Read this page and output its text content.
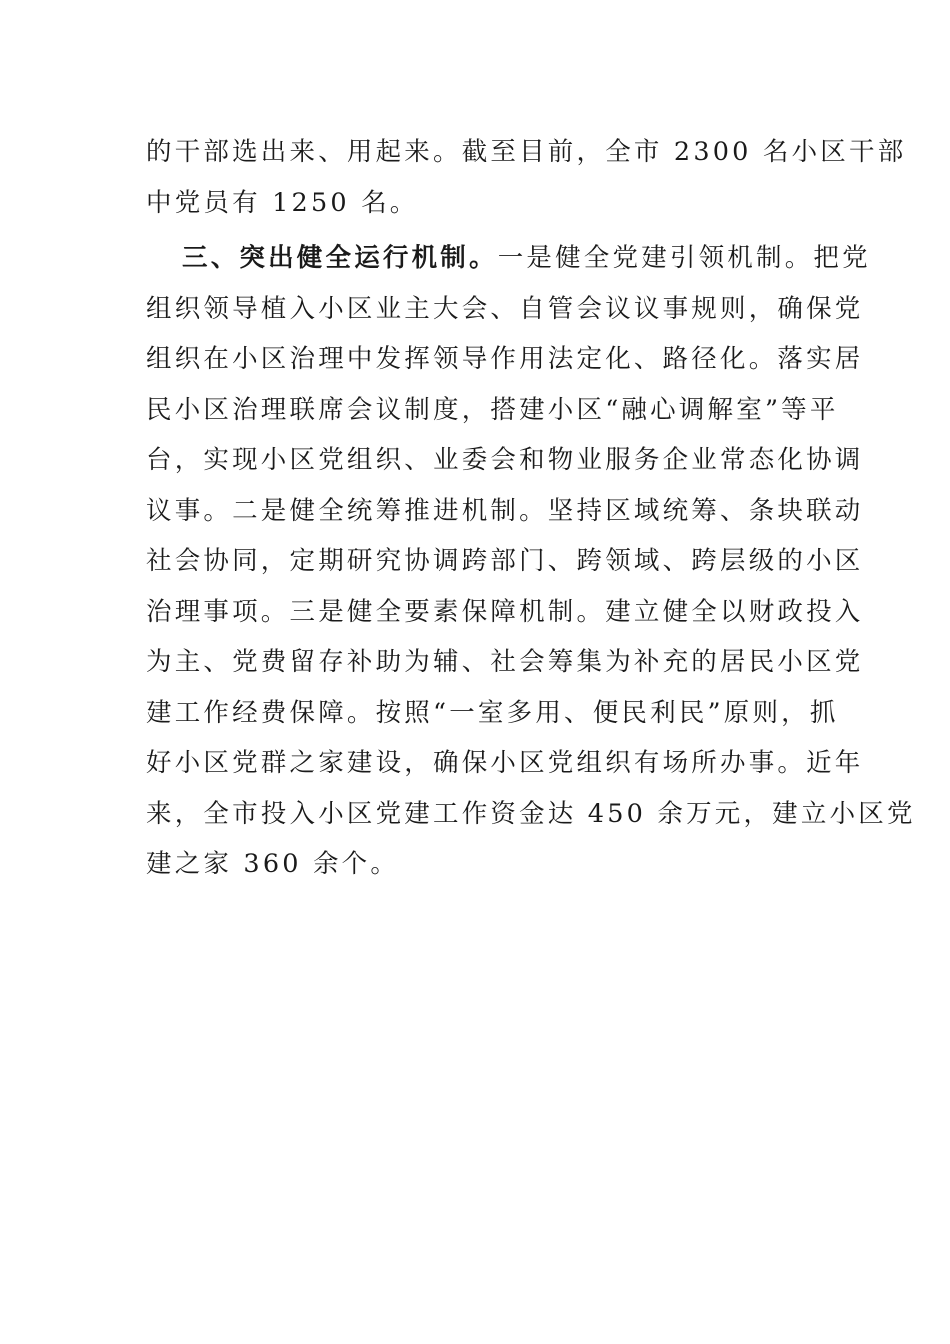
的干部选出来、用起来。截至目前，全市 2300 名小区干部
中党员有 1250 名。
三、突出健全运行机制。一是健全党建引领机制。把党
组织领导植入小区业主大会、自管会议议事规则，确保党
组织在小区治理中发挥领导作用法定化、路径化。落实居
民小区治理联席会议制度，搭建小区“融心调解室”等平
台，实现小区党组织、业委会和物业服务企业常态化协调
议事。二是健全统筹推进机制。坚持区域统筹、条块联动
社会协同，定期研究协调跨部门、跨领域、跨层级的小区
治理事项。三是健全要素保障机制。建立健全以财政投入
为主、党费留存补助为辅、社会筹集为补充的居民小区党
建工作经费保障。按照“一室多用、便民利民”原则，抓
好小区党群之家建设，确保小区党组织有场所办事。近年
来，全市投入小区党建工作资金达 450 余万元，建立小区党
建之家 360 余个。
